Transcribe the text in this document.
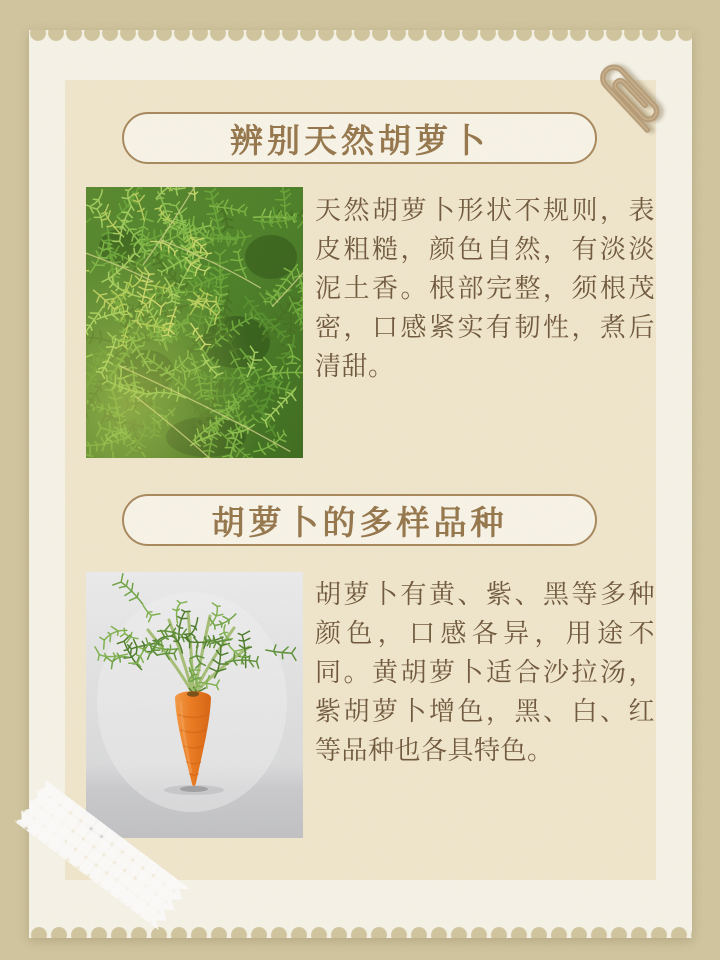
辨别天然胡萝卜

天然胡萝卜形状不规则，表皮粗糙，颜色自然，有淡淡泥土香。根部完整，须根茂密，口感紧实有韧性，煮后清甜。

胡萝卜的多样品种

胡萝卜有黄、紫、黑等多种颜色，口感各异，用途不同。黄胡萝卜适合沙拉汤，紫胡萝卜增色，黑、白、红等品种也各具特色。
